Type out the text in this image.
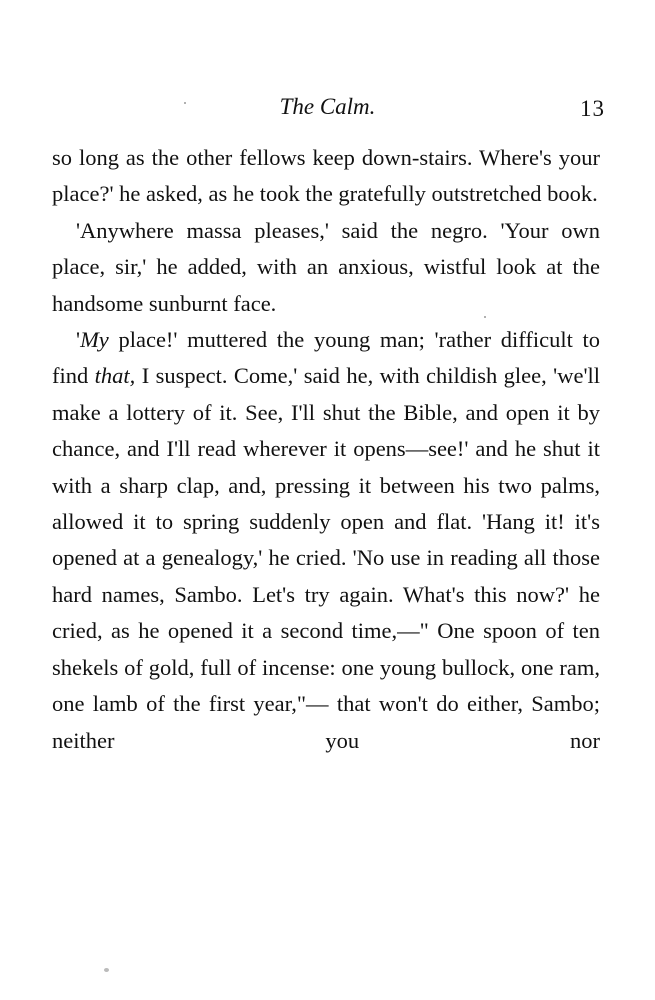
The Calm.	13

so long as the other fellows keep down-stairs. Where's your place?' he asked, as he took the gratefully outstretched book.

'Anywhere massa pleases,' said the negro. 'Your own place, sir,' he added, with an anxious, wistful look at the handsome sunburnt face.

'My place!' muttered the young man; 'rather difficult to find that, I suspect. Come,' said he, with childish glee, 'we'll make a lottery of it. See, I'll shut the Bible, and open it by chance, and I'll read wherever it opens—see!' and he shut it with a sharp clap, and, pressing it between his two palms, allowed it to spring suddenly open and flat. 'Hang it! it's opened at a genealogy,' he cried. 'No use in reading all those hard names, Sambo. Let's try again. What's this now?' he cried, as he opened it a second time,—" One spoon of ten shekels of gold, full of incense: one young bullock, one ram, one lamb of the first year,"— that won't do either, Sambo; neither you nor
